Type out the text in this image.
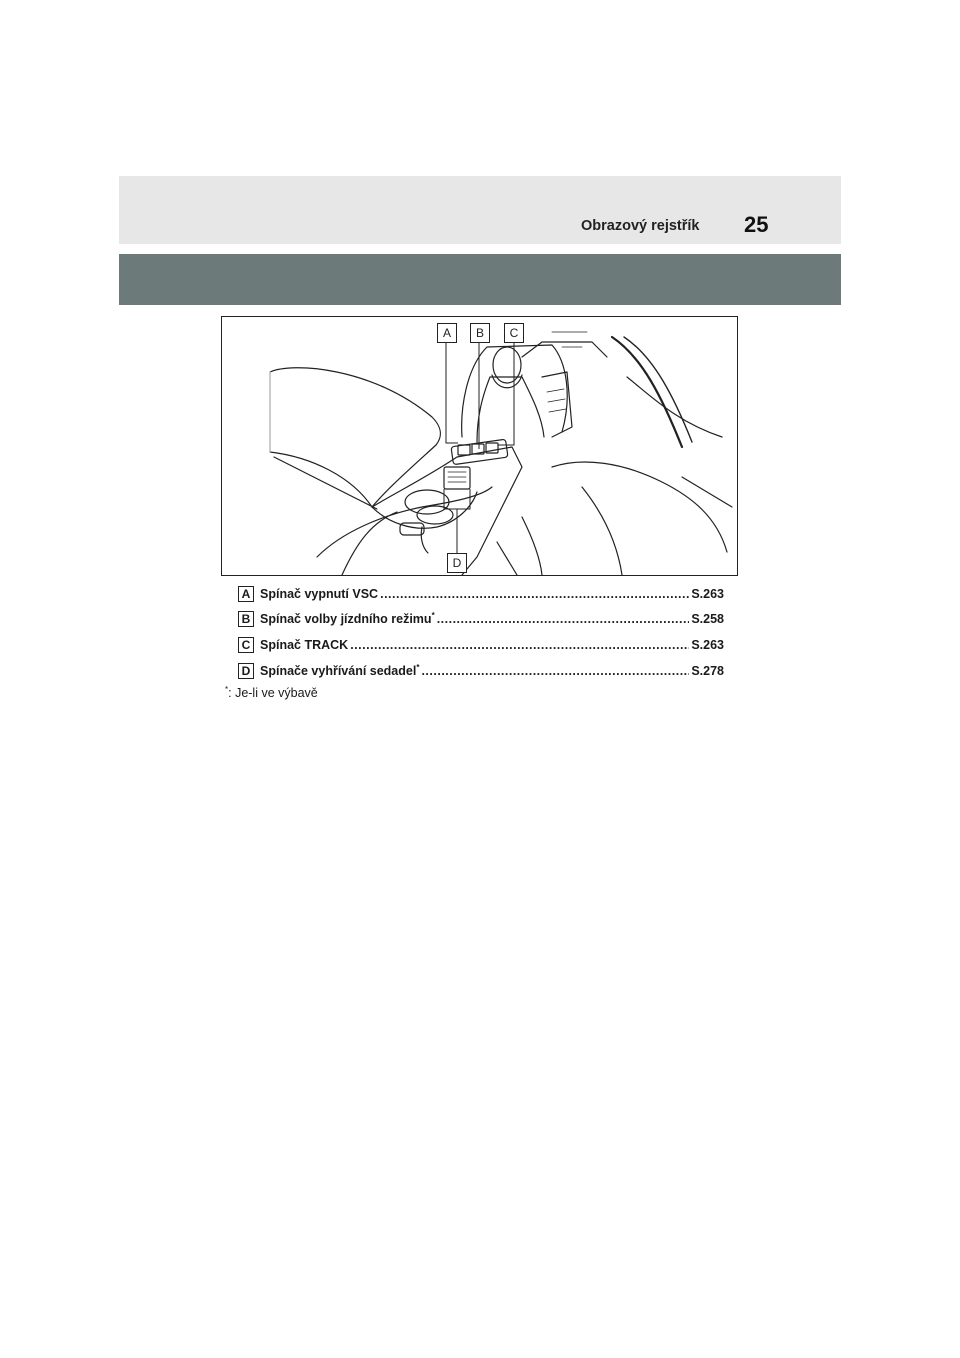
Obrazový rejstřík 25
A	B	C
D
A Spínač vypnutí VSC .....	S.263
B Spínač volby jízdního režimu* .....	S.258
C Spínač TRACK .....	S.263
D Spínače vyhřívání sedadel* .....	S.278
*: Je-li ve výbavě
